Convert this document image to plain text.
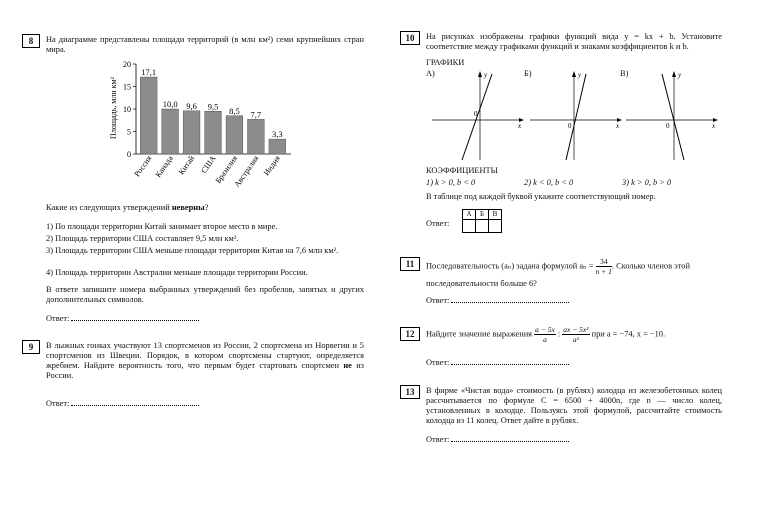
8	На диаграмме представлены площади территорий (в млн км²) семи крупнейших стран мира.
Площадь, млн км²
0
5
10
15
20
17,1
Россия
10,0
Канада
9,6
Китай
9,5
США
8,5
Бразилия
7,7
Австралия
3,3
Индия
Какие из следующих утверждений неверны?
1) По площади территории Китай занимает второе место в мире.
2) Площадь территории США составляет 9,5 млн км².
3) Площадь территории США меньше площади территории Китая на 7,6 млн км².
4) Площадь территории Австралии меньше площади территории России.
В ответе запишите номера выбранных утверждений без пробелов, запятых и других дополнительных символов.
Ответ:
9	В лыжных гонках участвуют 13 спортсменов из России, 2 спортсмена из Норвегии и 5 спортсменов из Швеции. Порядок, в котором спортсмены стартуют, определяется жребием. Найдите вероятность того, что первым будет стартовать спортсмен не из России.
Ответ:
10	На рисунках изображены графики функций вида y = kx + b. Установите соответствие между графиками функций и знаками коэффициентов k и b.
ГРАФИКИ
А)	Б)	В)
y
x
0
y
x
0
y
x
0
КОЭФФИЦИЕНТЫ
1) k > 0, b < 0	2) k < 0, b < 0	3) k > 0, b > 0
В таблице под каждой буквой укажите соответствующий номер.
Ответ:
А	Б	В

11	Последовательность (aₙ) задана формулой $a_n = \frac{34}{n + 1}$ . Сколько членов этой последовательности больше 6?
Ответ:
12	Найдите значение выражения $\frac{a - 5x}{a}$ : $\frac{\text{ax − 5x²}}{\text{a²}}$ при a = −74, x = −10.
Ответ:
13	В фирме «Чистая вода» стоимость (в рублях) колодца из железобетонных колец рассчитывается по формуле C = 6500 + 4000n, где n — число колец, установленных в колодце. Пользуясь этой формулой, рассчитайте стоимость колодца из 11 колец. Ответ дайте в рублях.
Ответ:
